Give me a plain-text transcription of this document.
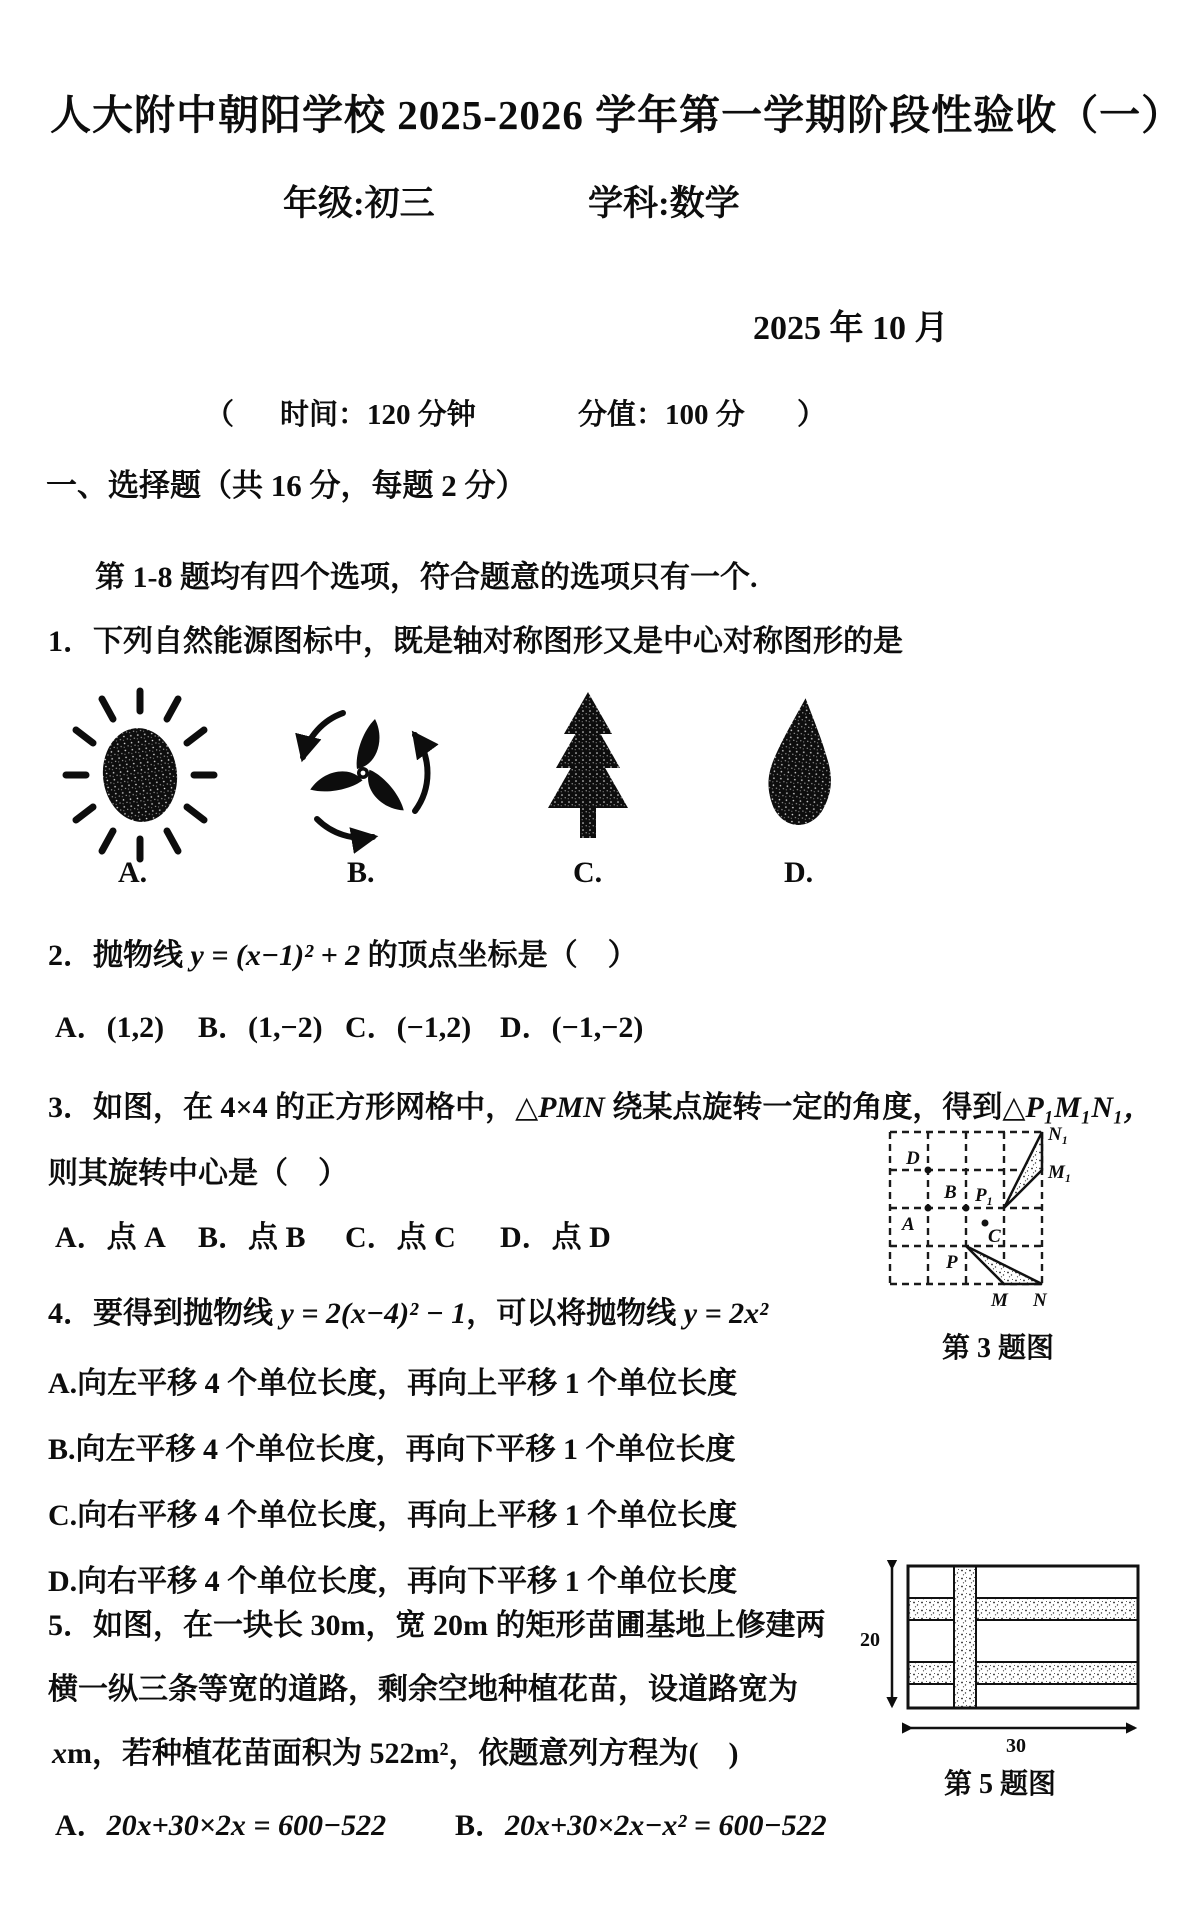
人大附中朝阳学校 2025-2026 学年第一学期阶段性验收（一）
年级:初三	学科:数学
2025 年 10 月
（ 时间：120 分钟	分值：100 分 ）
一、选择题（共 16 分，每题 2 分）
第 1-8 题均有四个选项，符合题意的选项只有一个.
1．下列自然能源图标中，既是轴对称图形又是中心对称图形的是
A.	B.	C.	D.
2．抛物线 y = (x−1)² + 2 的顶点坐标是（　）
A．(1,2) B．(1,−2) C．(−1,2) D．(−1,−2)
3．如图，在 4×4 的正方形网格中，△PMN 绕某点旋转一定的角度，得到△P₁M₁N₁，
则其旋转中心是（　）
A．点 A B．点 B C．点 C D．点 D
D
B
A
C
P
P₁
M N
N₁
M₁
第 3 题图
4．要得到抛物线 y = 2(x−4)² − 1，可以将抛物线 y = 2x²
A.向左平移 4 个单位长度，再向上平移 1 个单位长度
B.向左平移 4 个单位长度，再向下平移 1 个单位长度
C.向右平移 4 个单位长度，再向上平移 1 个单位长度
D.向右平移 4 个单位长度，再向下平移 1 个单位长度
5．如图，在一块长 30m，宽 20m 的矩形苗圃基地上修建两
横一纵三条等宽的道路，剩余空地种植花苗，设道路宽为
xm，若种植花苗面积为 522m²，依题意列方程为(　)
A．20x+30×2x = 600−522 B．20x+30×2x−x² = 600−522
20
30
第 5 题图
